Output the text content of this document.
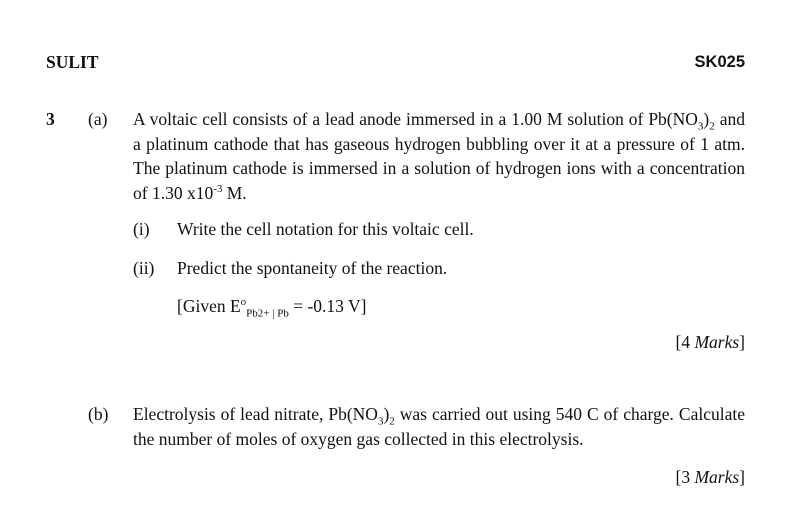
SULIT	SK025
3 (a) A voltaic cell consists of a lead anode immersed in a 1.00 M solution of $Pb(NO_3)_2$ and a platinum cathode that has gaseous hydrogen bubbling over it at a pressure of 1 atm. The platinum cathode is immersed in a solution of hydrogen ions with a concentration of 1.30 $x10^{-3}$ M.
(i) Write the cell notation for this voltaic cell.
(ii) Predict the spontaneity of the reaction.
[Given $E^o_{Pb2+ | Pb} = -0.13$ V]
[4 Marks]
(b) Electrolysis of lead nitrate, $Pb(NO_3)_2$ was carried out using 540 C of charge. Calculate the number of moles of oxygen gas collected in this electrolysis.
[3 Marks]
